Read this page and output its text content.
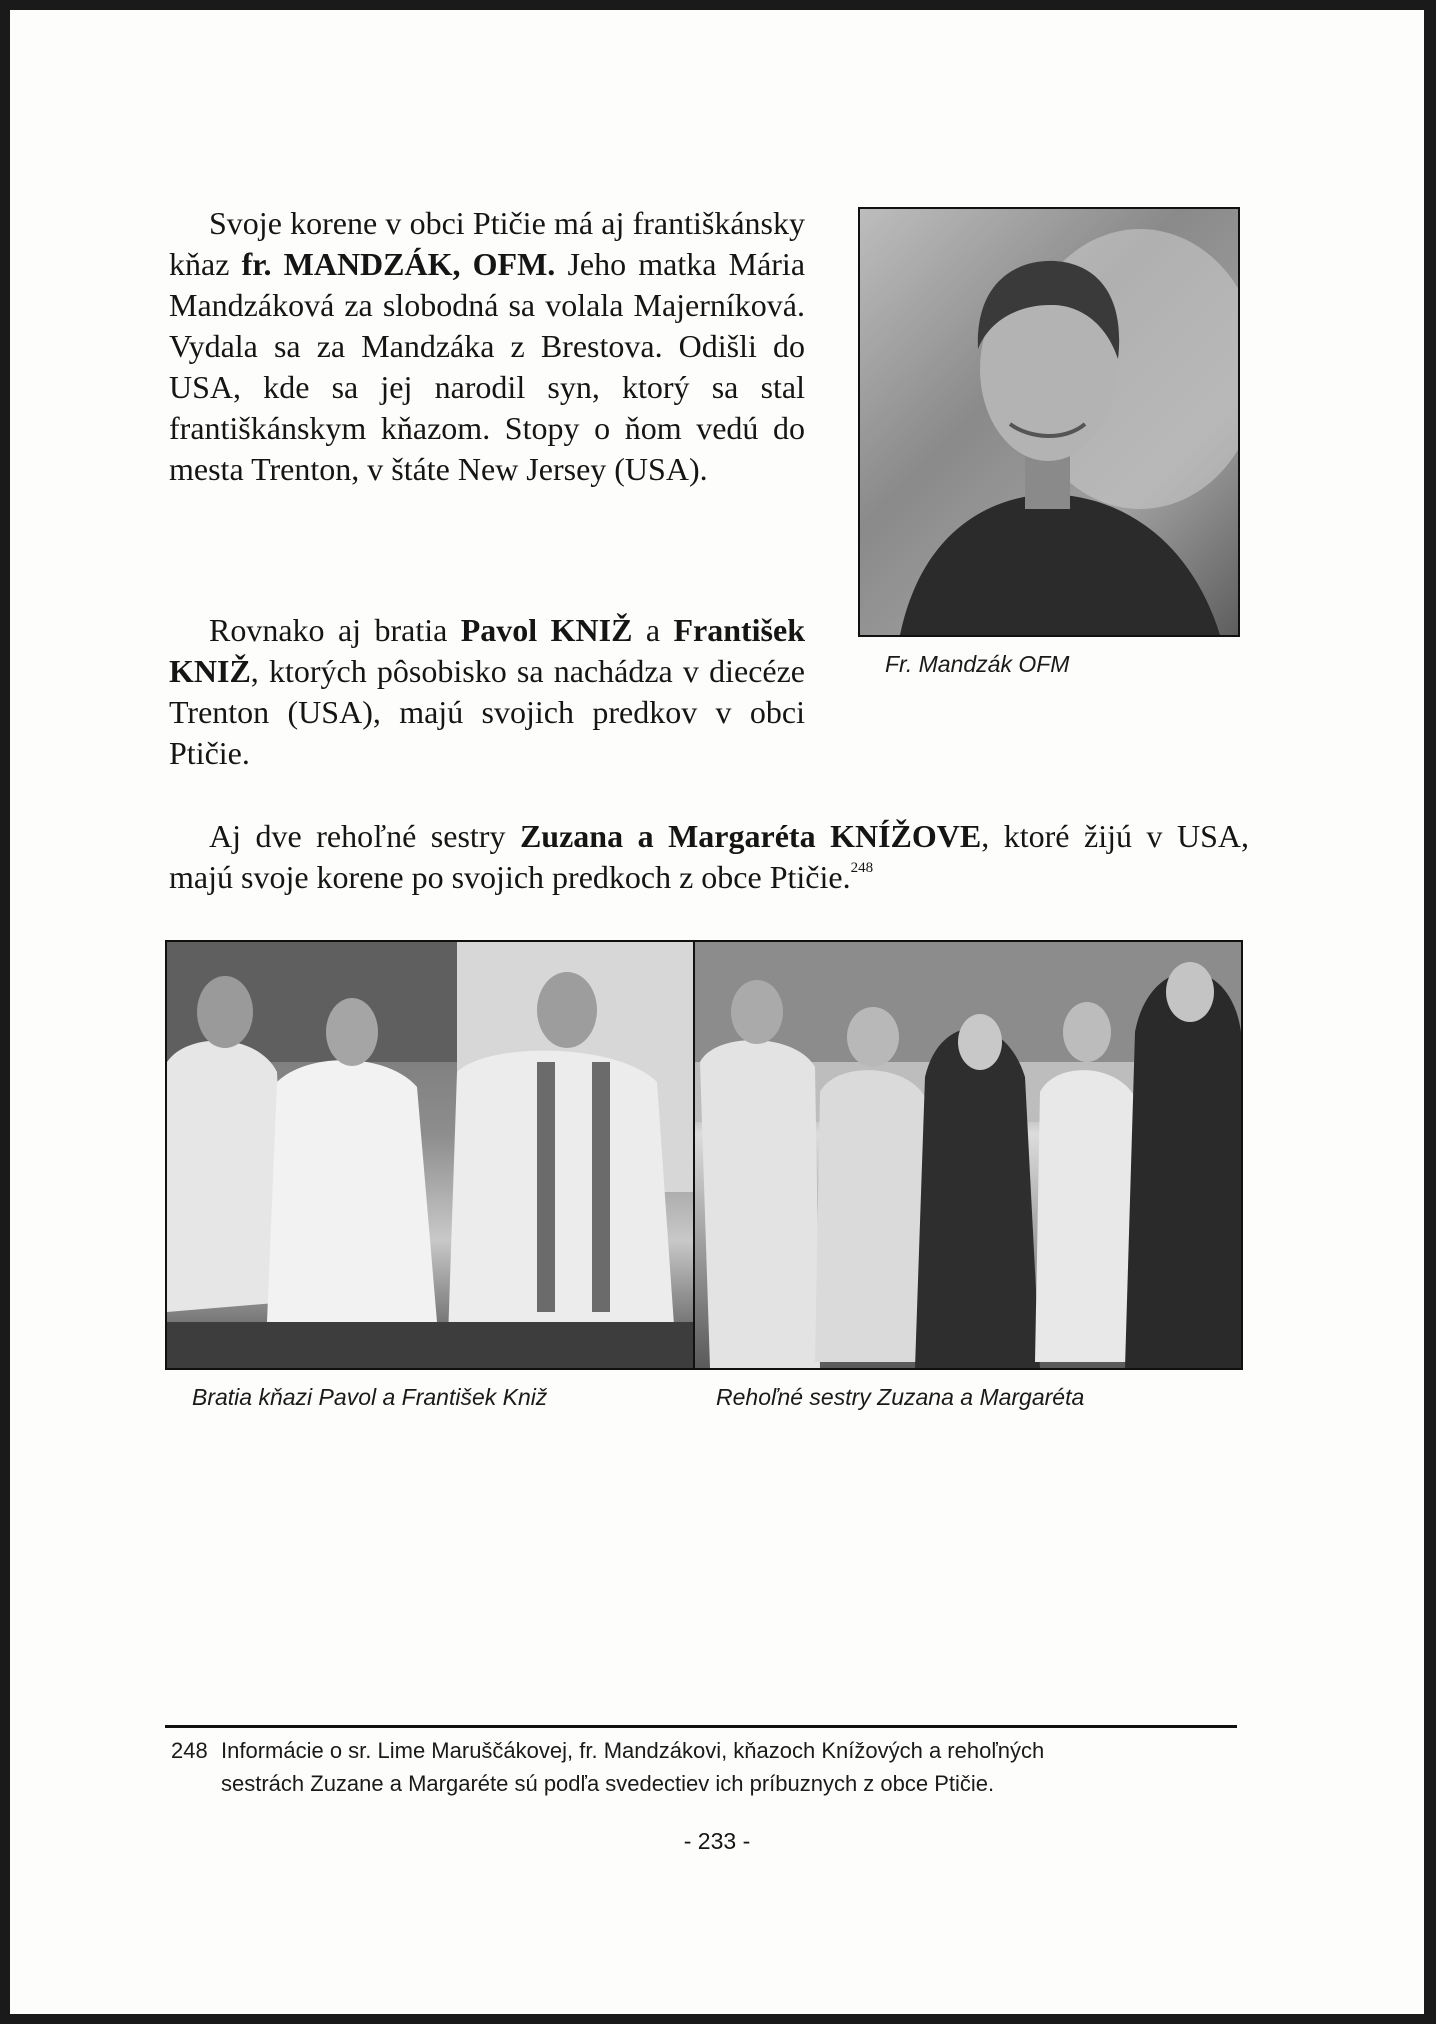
Svoje korene v obci Ptičie má aj františkánsky kňaz fr. MANDZÁK, OFM. Jeho matka Mária Mandzáková za slobodná sa volala Majerníková. Vydala sa za Mandzáka z Brestova. Odišli do USA, kde sa jej narodil syn, ktorý sa stal františkánskym kňazom. Stopy o ňom vedú do mesta Trenton, v štáte New Jersey (USA).

Rovnako aj bratia Pavol KNIŽ a František KNIŽ, ktorých pôsobisko sa nachádza v diecéze Trenton (USA), majú svojich predkov v obci Ptičie.

Aj dve rehoľné sestry Zuzana a Margaréta KNÍŽOVE, ktoré žijú v USA, majú svoje korene po svojich predkoch z obce Ptičie.$^{248}$

Fr. Mandzák OFM

Bratia kňazi Pavol a František Kniž	Rehoľné sestry Zuzana a Margaréta

248 Informácie o sr. Lime Maruščákovej, fr. Mandzákovi, kňazoch Knížových a rehoľných
sestrách Zuzane a Margaréte sú podľa svedectiev ich príbuznych z obce Ptičie.

- 233 -
